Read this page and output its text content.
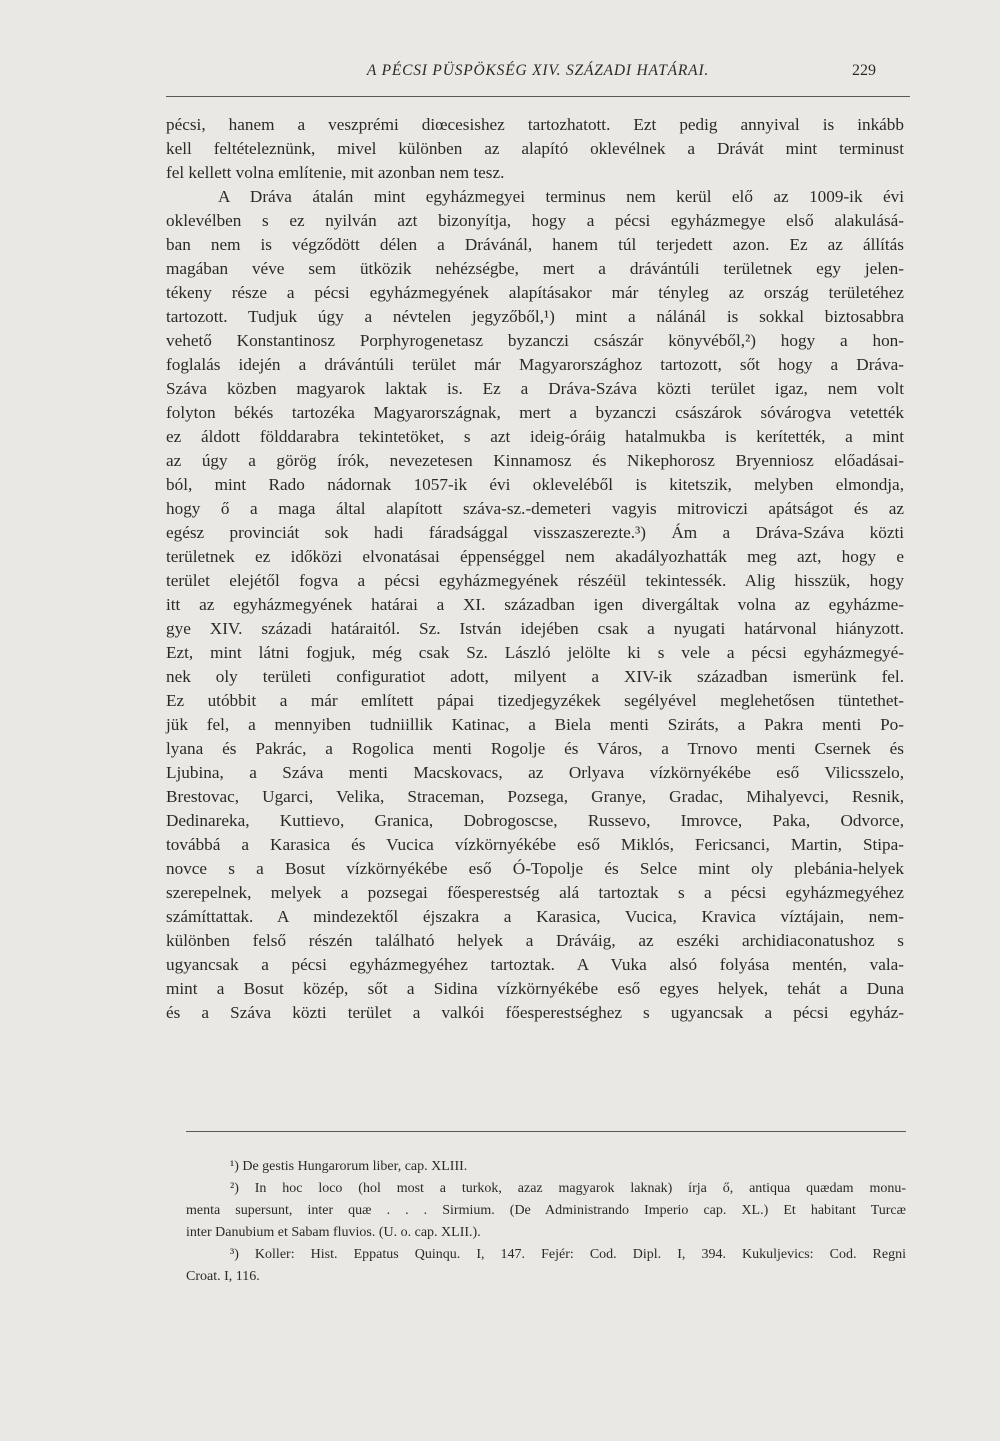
A PÉCSI PÜSPÖKSÉG XIV. SZÁZADI HATÁRAI.	229
pécsi, hanem a veszprémi diœcesishez tartozhatott. Ezt pedig annyival is inkább
kell feltételeznünk, mivel különben az alapító oklevélnek a Drávát mint terminust
fel kellett volna említenie, mit azonban nem tesz.
A Dráva átalán mint egyházmegyei terminus nem kerül elő az 1009-ik évi
oklevélben s ez nyilván azt bizonyítja, hogy a pécsi egyházmegye első alakulásá-
ban nem is végződött délen a Drávánál, hanem túl terjedett azon. Ez az állítás
magában véve sem ütközik nehézségbe, mert a drávántúli területnek egy jelen-
tékeny része a pécsi egyházmegyének alapításakor már tényleg az ország területéhez
tartozott. Tudjuk úgy a névtelen jegyzőből,¹) mint a nálánál is sokkal biztosabbra
vehető Konstantinosz Porphyrogenetasz byzanczi császár könyvéből,²) hogy a hon-
foglalás idején a drávántúli terület már Magyarországhoz tartozott, sőt hogy a Dráva-
Száva közben magyarok laktak is. Ez a Dráva-Száva közti terület igaz, nem volt
folyton békés tartozéka Magyarországnak, mert a byzanczi császárok sóvárogva vetették
ez áldott földdarabra tekintetöket, s azt ideig-óráig hatalmukba is kerítették, a mint
az úgy a görög írók, nevezetesen Kinnamosz és Nikephorosz Bryenniosz előadásai-
ból, mint Rado nádornak 1057-ik évi okleveléből is kitetszik, melyben elmondja,
hogy ő a maga által alapított száva-sz.-demeteri vagyis mitroviczi apátságot és az
egész provinciát sok hadi fáradsággal visszaszerezte.³) Ám a Dráva-Száva közti
területnek ez időközi elvonatásai éppenséggel nem akadályozhatták meg azt, hogy e
terület elejétől fogva a pécsi egyházmegyének részéül tekintessék. Alig hisszük, hogy
itt az egyházmegyének határai a XI. században igen divergáltak volna az egyházme-
gye XIV. századi határaitól. Sz. István idejében csak a nyugati határvonal hiányzott.
Ezt, mint látni fogjuk, még csak Sz. László jelölte ki s vele a pécsi egyházmegyé-
nek oly területi configuratiot adott, milyent a XIV-ik században ismerünk fel.
Ez utóbbit a már említett pápai tizedjegyzékek segélyével meglehetősen tüntethet-
jük fel, a mennyiben tudniillik Katinac, a Biela menti Sziráts, a Pakra menti Po-
lyana és Pakrác, a Rogolica menti Rogolje és Város, a Trnovo menti Csernek és
Ljubina, a Száva menti Macskovacs, az Orlyava vízkörnyékébe eső Vilicsszelo,
Brestovac, Ugarci, Velika, Straceman, Pozsega, Granye, Gradac, Mihalyevci, Resnik,
Dedinareka, Kuttievo, Granica, Dobrogoscse, Russevo, Imrovce, Paka, Odvorce,
továbbá a Karasica és Vucica vízkörnyékébe eső Miklós, Fericsanci, Martin, Stipa-
novce s a Bosut vízkörnyékébe eső Ó-Topolje és Selce mint oly plebánia-helyek
szerepelnek, melyek a pozsegai főesperestség alá tartoztak s a pécsi egyházmegyéhez
számíttattak. A mindezektől éjszakra a Karasica, Vucica, Kravica víztájain, nem-
különben felső részén található helyek a Dráváig, az eszéki archidiaconatushoz s
ugyancsak a pécsi egyházmegyéhez tartoztak. A Vuka alsó folyása mentén, vala-
mint a Bosut közép, sőt a Sidina vízkörnyékébe eső egyes helyek, tehát a Duna
és a Száva közti terület a valkói főesperestséghez s ugyancsak a pécsi egyház-
¹) De gestis Hungarorum liber, cap. XLIII.
²) In hoc loco (hol most a turkok, azaz magyarok laknak) írja ő, antiqua quædam monu-
menta supersunt, inter quæ . . . Sirmium. (De Administrando Imperio cap. XL.) Et habitant Turcæ
inter Danubium et Sabam fluvios. (U. o. cap. XLII.).
³) Koller: Hist. Eppatus Quinqu. I, 147. Fejér: Cod. Dipl. I, 394. Kukuljevics: Cod. Regni
Croat. I, 116.
